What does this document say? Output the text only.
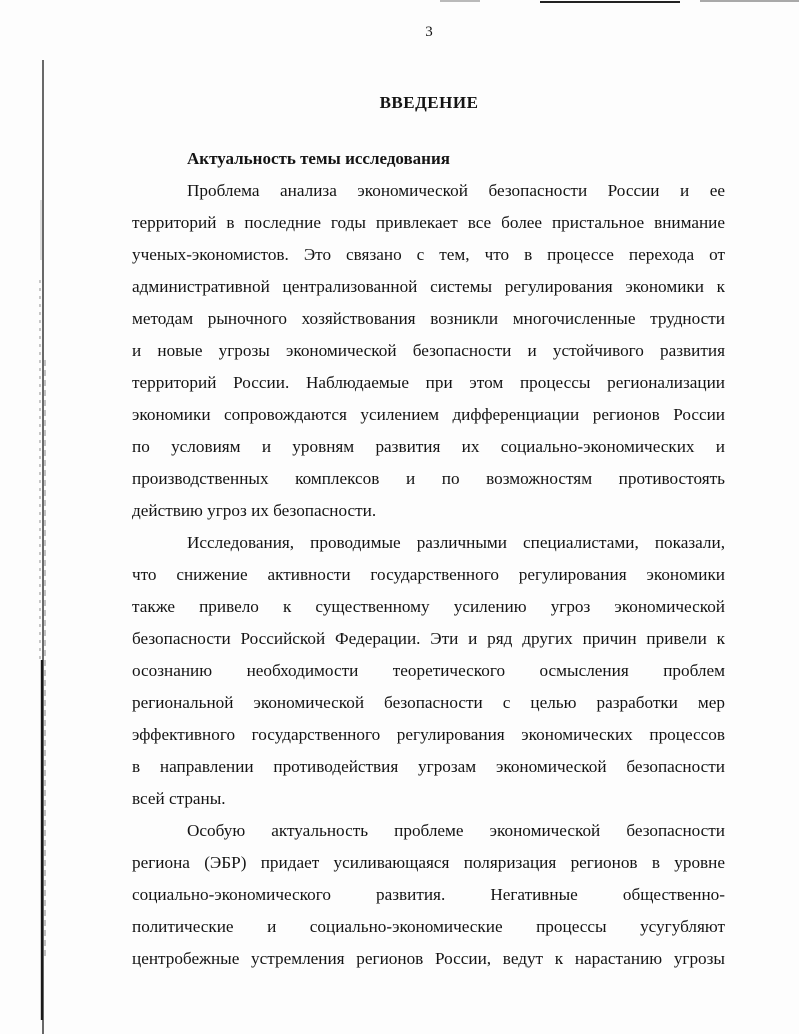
3
ВВЕДЕНИЕ
Актуальность темы исследования
Проблема анализа экономической безопасности России и ее
территорий в последние годы привлекает все более пристальное внимание
ученых-экономистов. Это связано с тем, что в процессе перехода от
административной централизованной системы регулирования экономики к
методам рыночного хозяйствования возникли многочисленные трудности
и новые угрозы экономической безопасности и устойчивого развития
территорий России. Наблюдаемые при этом процессы регионализации
экономики сопровождаются усилением дифференциации регионов России
по условиям и уровням развития их социально-экономических и
производственных комплексов и по возможностям противостоять
действию угроз их безопасности.
Исследования, проводимые различными специалистами, показали,
что снижение активности государственного регулирования экономики
также привело к существенному усилению угроз экономической
безопасности Российской Федерации. Эти и ряд других причин привели к
осознанию необходимости теоретического осмысления проблем
региональной экономической безопасности с целью разработки мер
эффективного государственного регулирования экономических процессов
в направлении противодействия угрозам экономической безопасности
всей страны.
Особую актуальность проблеме экономической безопасности
региона (ЭБР) придает усиливающаяся поляризация регионов в уровне
социально-экономического развития. Негативные общественно-
политические и социально-экономические процессы усугубляют
центробежные устремления регионов России, ведут к нарастанию угрозы
